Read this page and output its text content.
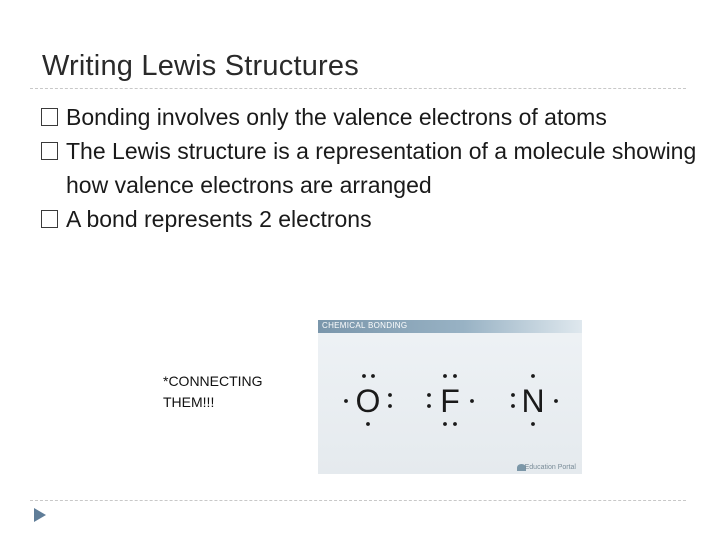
Writing Lewis Structures
Bonding involves only the valence electrons of atoms
The Lewis structure is a representation of a molecule showing how valence electrons are arranged
A bond represents 2 electrons
*CONNECTING
THEM!!!
CHEMICAL BONDING
O F N
Education Portal
